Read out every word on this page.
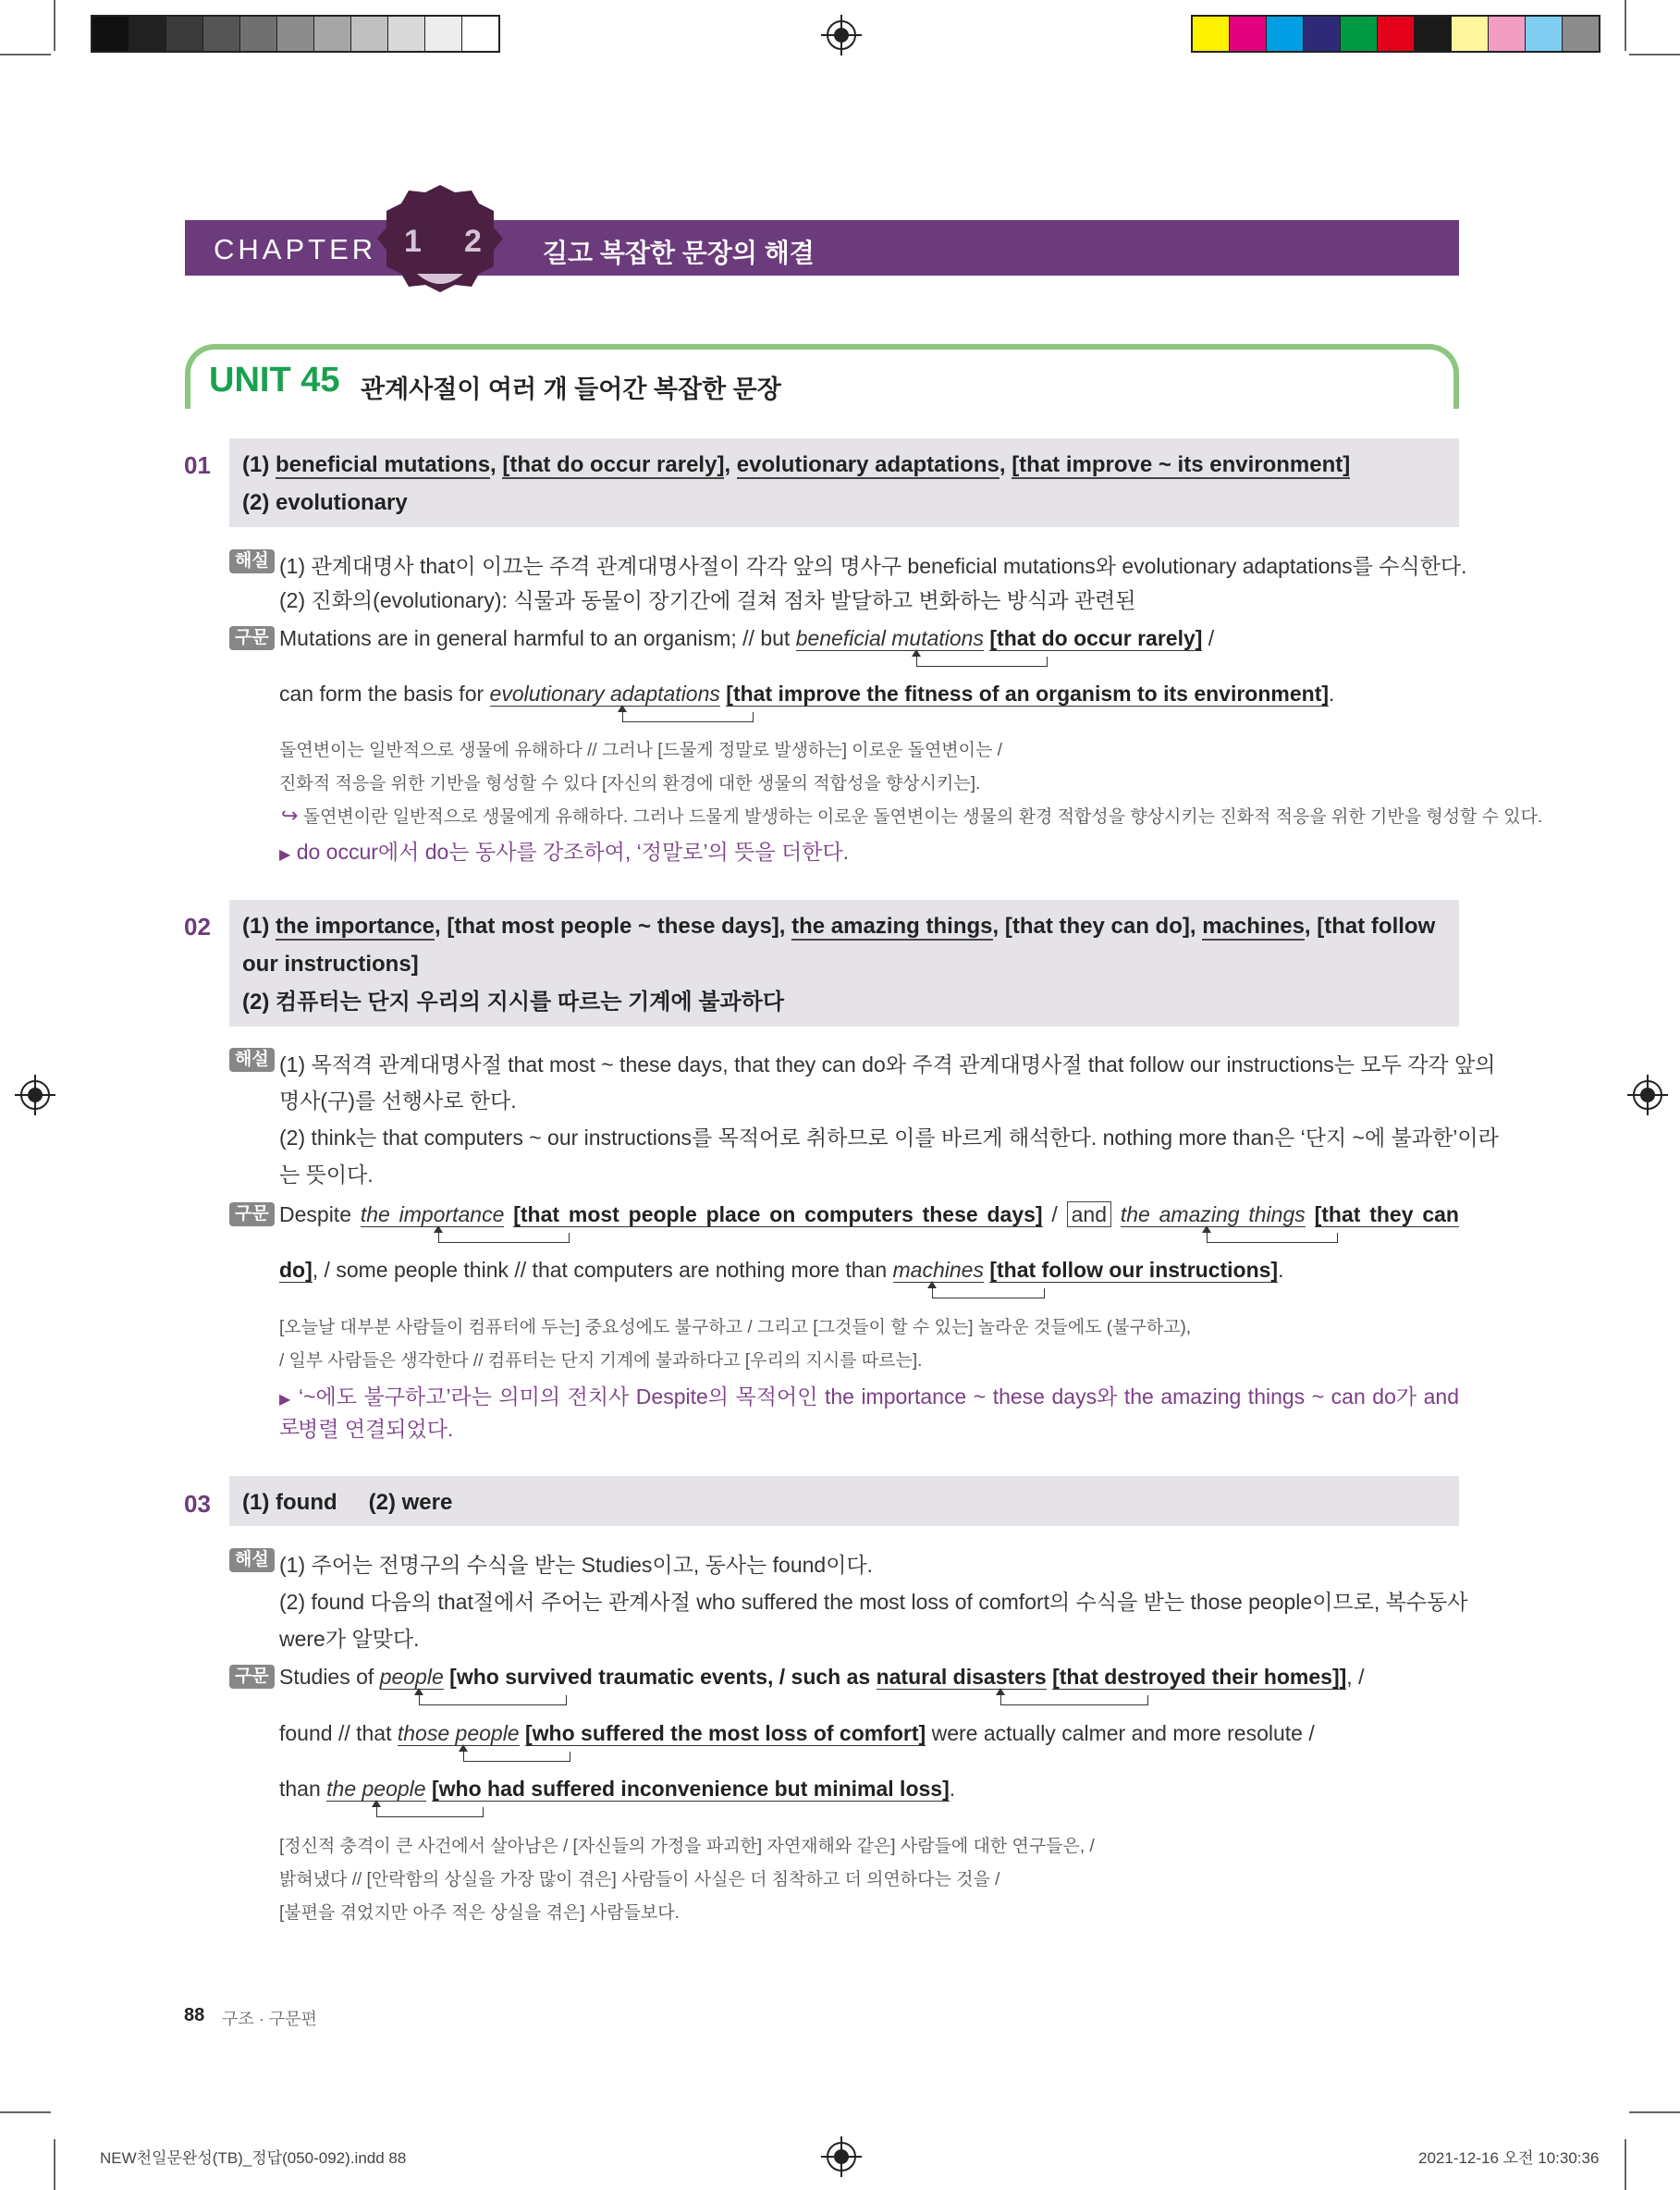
CHAPTER 1 2 길고 복잡한 문장의 해결
UNIT 45 관계사절이 여러 개 들어간 복잡한 문장
01 (1) beneficial mutations, [that do occur rarely], evolutionary adaptations, [that improve ~ its environment]
(2) evolutionary
해설 (1) 관계대명사 that이 이끄는 주격 관계대명사절이 각각 앞의 명사구 beneficial mutations와 evolutionary adaptations를 수식한다.
(2) 진화의(evolutionary): 식물과 동물이 장기간에 걸쳐 점차 발달하고 변화하는 방식과 관련된
구문 Mutations are in general harmful to an organism; // but beneficial mutations [that do occur rarely] /
can form the basis for evolutionary adaptations [that improve the fitness of an organism to its environment].
돌연변이는 일반적으로 생물에 유해하다 // 그러나 [드물게 정말로 발생하는] 이로운 돌연변이는 /
진화적 적응을 위한 기반을 형성할 수 있다 [자신의 환경에 대한 생물의 적합성을 향상시키는].
↪ 돌연변이란 일반적으로 생물에게 유해하다. 그러나 드물게 발생하는 이로운 돌연변이는 생물의 환경 적합성을 향상시키는 진화적 적응을 위한 기반을 형성할 수 있다.
▶ do occur에서 do는 동사를 강조하여, ‘정말로’의 뜻을 더한다.
02 (1) the importance, [that most people ~ these days], the amazing things, [that they can do], machines, [that follow
our instructions]
(2) 컴퓨터는 단지 우리의 지시를 따르는 기계에 불과하다
해설 (1) 목적격 관계대명사절 that most ~ these days, that they can do와 주격 관계대명사절 that follow our instructions는 모두 각각 앞의
명사(구)를 선행사로 한다.
(2) think는 that computers ~ our instructions를 목적어로 취하므로 이를 바르게 해석한다. nothing more than은 ‘단지 ~에 불과한’이라
는 뜻이다.
구문 Despite the importance [that most people place on computers these days] / and the amazing things [that they can
do], / some people think // that computers are nothing more than machines [that follow our instructions].
[오늘날 대부분 사람들이 컴퓨터에 두는] 중요성에도 불구하고 / 그리고 [그것들이 할 수 있는] 놀라운 것들에도 (불구하고),
/ 일부 사람들은 생각한다 // 컴퓨터는 단지 기계에 불과하다고 [우리의 지시를 따르는].
▶ ‘~에도 불구하고’라는 의미의 전치사 Despite의 목적어인 the importance ~ these days와 the amazing things ~ can do가 and로
병렬 연결되었다.
03 (1) found (2) were
해설 (1) 주어는 전명구의 수식을 받는 Studies이고, 동사는 found이다.
(2) found 다음의 that절에서 주어는 관계사절 who suffered the most loss of comfort의 수식을 받는 those people이므로, 복수동사
were가 알맞다.
구문 Studies of people [who survived traumatic events, / such as natural disasters [that destroyed their homes]], /
found // that those people [who suffered the most loss of comfort] were actually calmer and more resolute /
than the people [who had suffered inconvenience but minimal loss].
[정신적 충격이 큰 사건에서 살아남은 / [자신들의 가정을 파괴한] 자연재해와 같은] 사람들에 대한 연구들은, /
밝혀냈다 // [안락함의 상실을 가장 많이 겪은] 사람들이 사실은 더 침착하고 더 의연하다는 것을 /
[불편을 겪었지만 아주 적은 상실을 겪은] 사람들보다.
88 구조 · 구문편
NEW천일문완성(TB)_정답(050-092).indd 88	2021-12-16 오전 10:30:36
